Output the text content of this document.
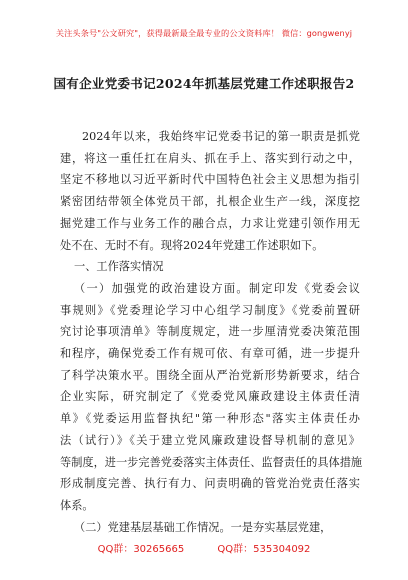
关注头条号"公文研究"，获得最新最全最专业的公文资料库！ 微信：gongwenyj
国有企业党委书记2024年抓基层党建工作述职报告2
2024年以来，我始终牢记党委书记的第一职责是抓党
建，将这一重任扛在肩头、抓在手上、落实到行动之中，
坚定不移地以习近平新时代中国特色社会主义思想为指引
紧密团结带领全体党员干部，扎根企业生产一线，深度挖
掘党建工作与业务工作的融合点，力求让党建引领作用无
处不在、无时不有。现将2024年党建工作述职如下。
一、工作落实情况
（一）加强党的政治建设方面。制定印发《党委会议
事规则》《党委理论学习中心组学习制度》《党委前置研
究讨论事项清单》等制度规定，进一步厘清党委决策范围
和程序，确保党委工作有规可依、有章可循，进一步提升
了科学决策水平。围绕全面从严治党新形势新要求，结合
企业实际，研究制定了《党委党风廉政建设主体责任清
单》《党委运用监督执纪"第一种形态"落实主体责任办
法（试行）》《关于建立党风廉政建设督导机制的意见》
等制度，进一步完善党委落实主体责任、监督责任的具体措施
形成制度完善、执行有力、问责明确的管党治党责任落实
体系。
（二）党建基层基础工作情况。一是夯实基层党建，
QQ群：30265665	QQ群：535304092
